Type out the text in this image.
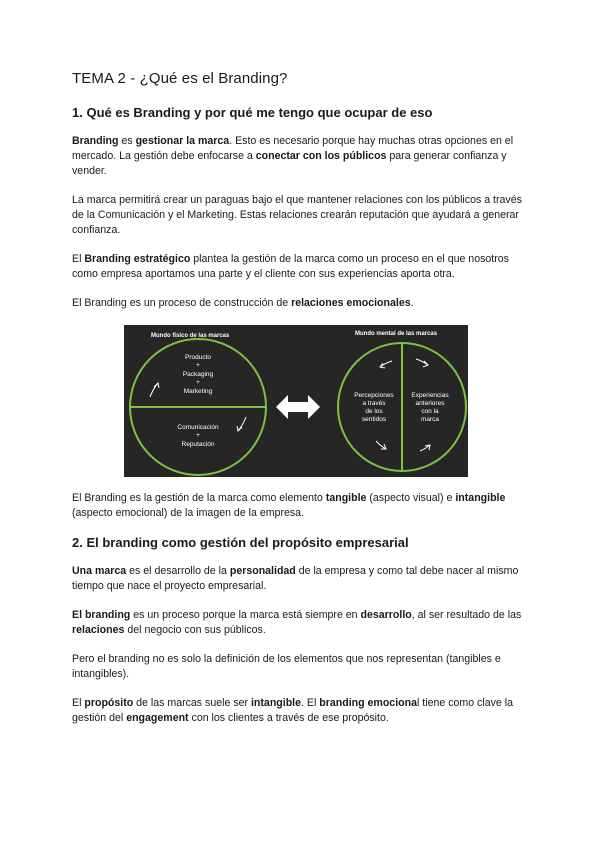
TEMA 2 - ¿Qué es el Branding?
1. Qué es Branding y por qué me tengo que ocupar de eso

Branding es gestionar la marca. Esto es necesario porque hay muchas otras opciones en el mercado. La gestión debe enfocarse a conectar con los públicos para generar confianza y vender.

La marca permitirá crear un paraguas bajo el que mantener relaciones con los públicos a través de la Comunicación y el Marketing. Estas relaciones crearán reputación que ayudará a generar confianza.

El Branding estratégico plantea la gestión de la marca como un proceso en el que nosotros como empresa aportamos una parte y el cliente con sus experiencias aporta otra.

El Branding es un proceso de construcción de relaciones emocionales.

Mundo físico de las marcas	Mundo mental de las marcas
Producto
+
Packaging
+
Marketing
Comunicación
+
Reputación
Percepciones
a través
de los
sentidos
Experiencias
anteriores
con la
marca

El Branding es la gestión de la marca como elemento tangible (aspecto visual) e intangible (aspecto emocional) de la imagen de la empresa.

2. El branding como gestión del propósito empresarial

Una marca es el desarrollo de la personalidad de la empresa y como tal debe nacer al mismo tiempo que nace el proyecto empresarial.

El branding es un proceso porque la marca está siempre en desarrollo, al ser resultado de las relaciones del negocio con sus públicos.

Pero el branding no es solo la definición de los elementos que nos representan (tangibles e intangibles).

El propósito de las marcas suele ser intangible. El branding emocional tiene como clave la gestión del engagement con los clientes a través de ese propósito.
